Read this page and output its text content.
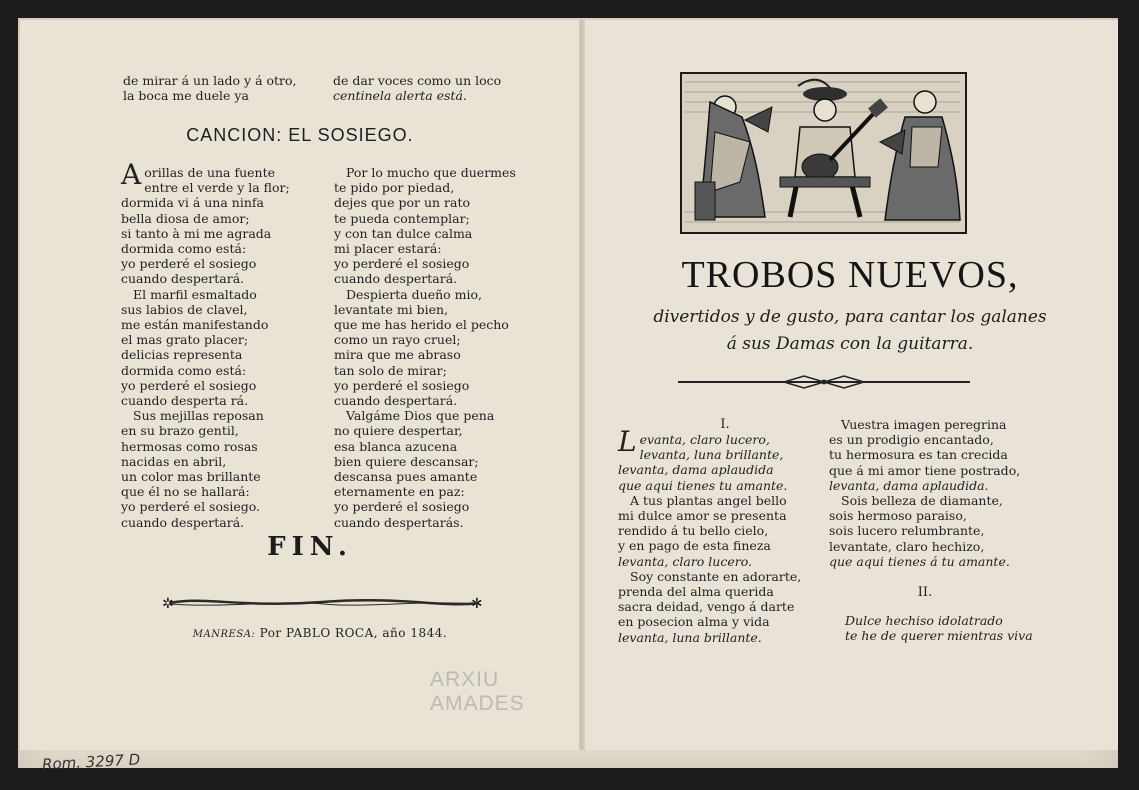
de mirar á un lado y á otro,
la boca me duele ya
de dar voces como un loco
centinela alerta está.
CANCION: EL SOSIEGO.
A orillas de una fuente
entre el verde y la flor;
dormida vi á una ninfa
bella diosa de amor;
si tanto à mi me agrada
dormida como está:
yo perderé el sosiego
cuando despertará.
El marfil esmaltado
sus labios de clavel,
me están manifestando
el mas grato placer;
delicias representa
dormida como está:
yo perderé el sosiego
cuando desperta rá.
Sus mejillas reposan
en su brazo gentil,
hermosas como rosas
nacidas en abril,
un color mas brillante
que él no se hallará:
yo perderé el sosiego.
cuando despertará.
Por lo mucho que duermes
te pido por piedad,
dejes que por un rato
te pueda contemplar;
y con tan dulce calma
mi placer estará:
yo perderé el sosiego
cuando despertará.
Despierta dueño mio,
levantate mi bien,
que me has herido el pecho
como un rayo cruel;
mira que me abraso
tan solo de mirar;
yo perderé el sosiego
cuando despertará.
Valgáme Dios que pena
no quiere despertar,
esa blanca azucena
bien quiere descansar;
descansa pues amante
eternamente en paz:
yo perderé el sosiego
cuando despertarás.
FIN.
✲	✲
MANRESA: Por PABLO ROCA, año 1844.
ARXIU
AMADES
Rom. 3297 D
TROBOS NUEVOS,
divertidos y de gusto, para cantar los galanes
á sus Damas con la guitarra.
I.
Levanta, claro lucero,
levanta, luna brillante,
levanta, dama aplaudida
que aqui tienes tu amante.
A tus plantas angel bello
mi dulce amor se presenta
rendido á tu bello cielo,
y en pago de esta fineza
levanta, claro lucero.
Soy constante en adorarte,
prenda del alma querida
sacra deidad, vengo á darte
en posecion alma y vida
levanta, luna brillante.
Vuestra imagen peregrina
es un prodigio encantado,
tu hermosura es tan crecida
que á mi amor tiene postrado,
levanta, dama aplaudida.
Sois belleza de diamante,
sois hermoso paraiso,
sois lucero relumbrante,
levantate, claro hechizo,
que aqui tienes á tu amante.
II.
Dulce hechiso idolatrado
te he de querer mientras viva
